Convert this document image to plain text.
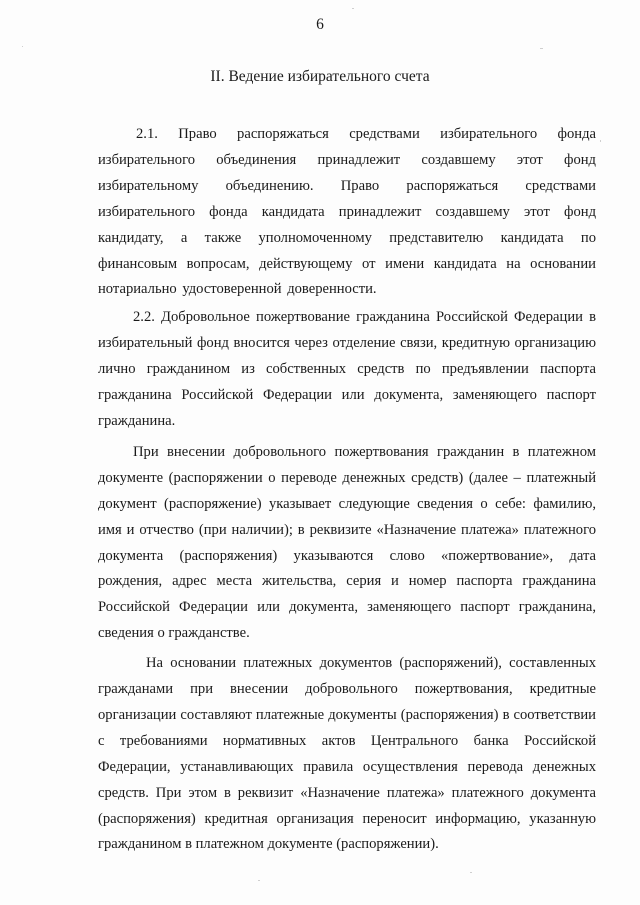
6
II. Ведение избирательного счета

2.1. Право распоряжаться средствами избирательного фонда избирательного объединения принадлежит создавшему этот фонд избирательному объединению. Право распоряжаться средствами избирательного фонда кандидата принадлежит создавшему этот фонд кандидату, а также уполномоченному представителю кандидата по финансовым вопросам, действующему от имени кандидата на основании нотариально удостоверенной доверенности.

2.2. Добровольное пожертвование гражданина Российской Федерации в избирательный фонд вносится через отделение связи, кредитную организацию лично гражданином из собственных средств по предъявлении паспорта гражданина Российской Федерации или документа, заменяющего паспорт гражданина.

При внесении добровольного пожертвования гражданин в платежном документе (распоряжении о переводе денежных средств) (далее – платежный документ (распоряжение) указывает следующие сведения о себе: фамилию, имя и отчество (при наличии); в реквизите «Назначение платежа» платежного документа (распоряжения) указываются слово «пожертвование», дата рождения, адрес места жительства, серия и номер паспорта гражданина Российской Федерации или документа, заменяющего паспорт гражданина, сведения о гражданстве.

На основании платежных документов (распоряжений), составленных гражданами при внесении добровольного пожертвования, кредитные организации составляют платежные документы (распоряжения) в соответствии с требованиями нормативных актов Центрального банка Российской Федерации, устанавливающих правила осуществления перевода денежных средств. При этом в реквизит «Назначение платежа» платежного документа (распоряжения) кредитная организация переносит информацию, указанную гражданином в платежном документе (распоряжении).
